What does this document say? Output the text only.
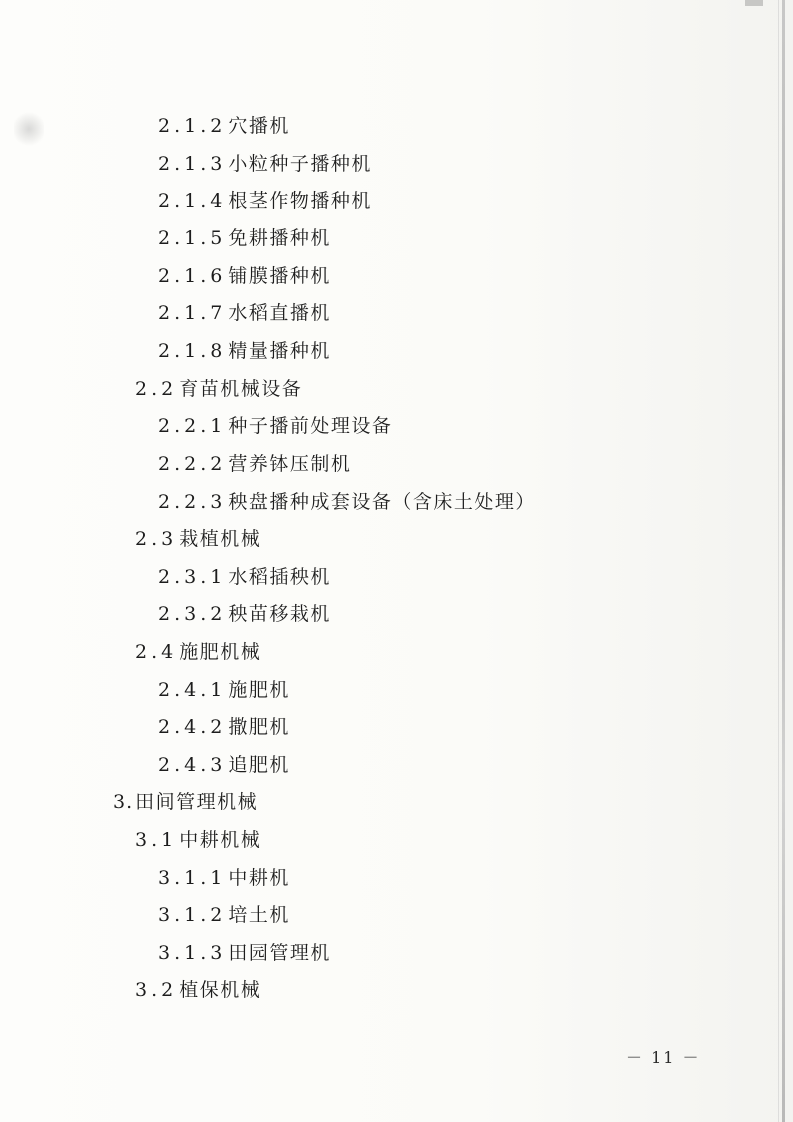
2.1.2 穴播机
2.1.3 小粒种子播种机
2.1.4 根茎作物播种机
2.1.5 免耕播种机
2.1.6 铺膜播种机
2.1.7 水稻直播机
2.1.8 精量播种机
2.2 育苗机械设备
2.2.1 种子播前处理设备
2.2.2 营养钵压制机
2.2.3 秧盘播种成套设备（含床土处理）
2.3 栽植机械
2.3.1 水稻插秧机
2.3.2 秧苗移栽机
2.4 施肥机械
2.4.1 施肥机
2.4.2 撒肥机
2.4.3 追肥机
3. 田间管理机械
3.1 中耕机械
3.1.1 中耕机
3.1.2 培土机
3.1.3 田园管理机
3.2 植保机械
－ 11 －
